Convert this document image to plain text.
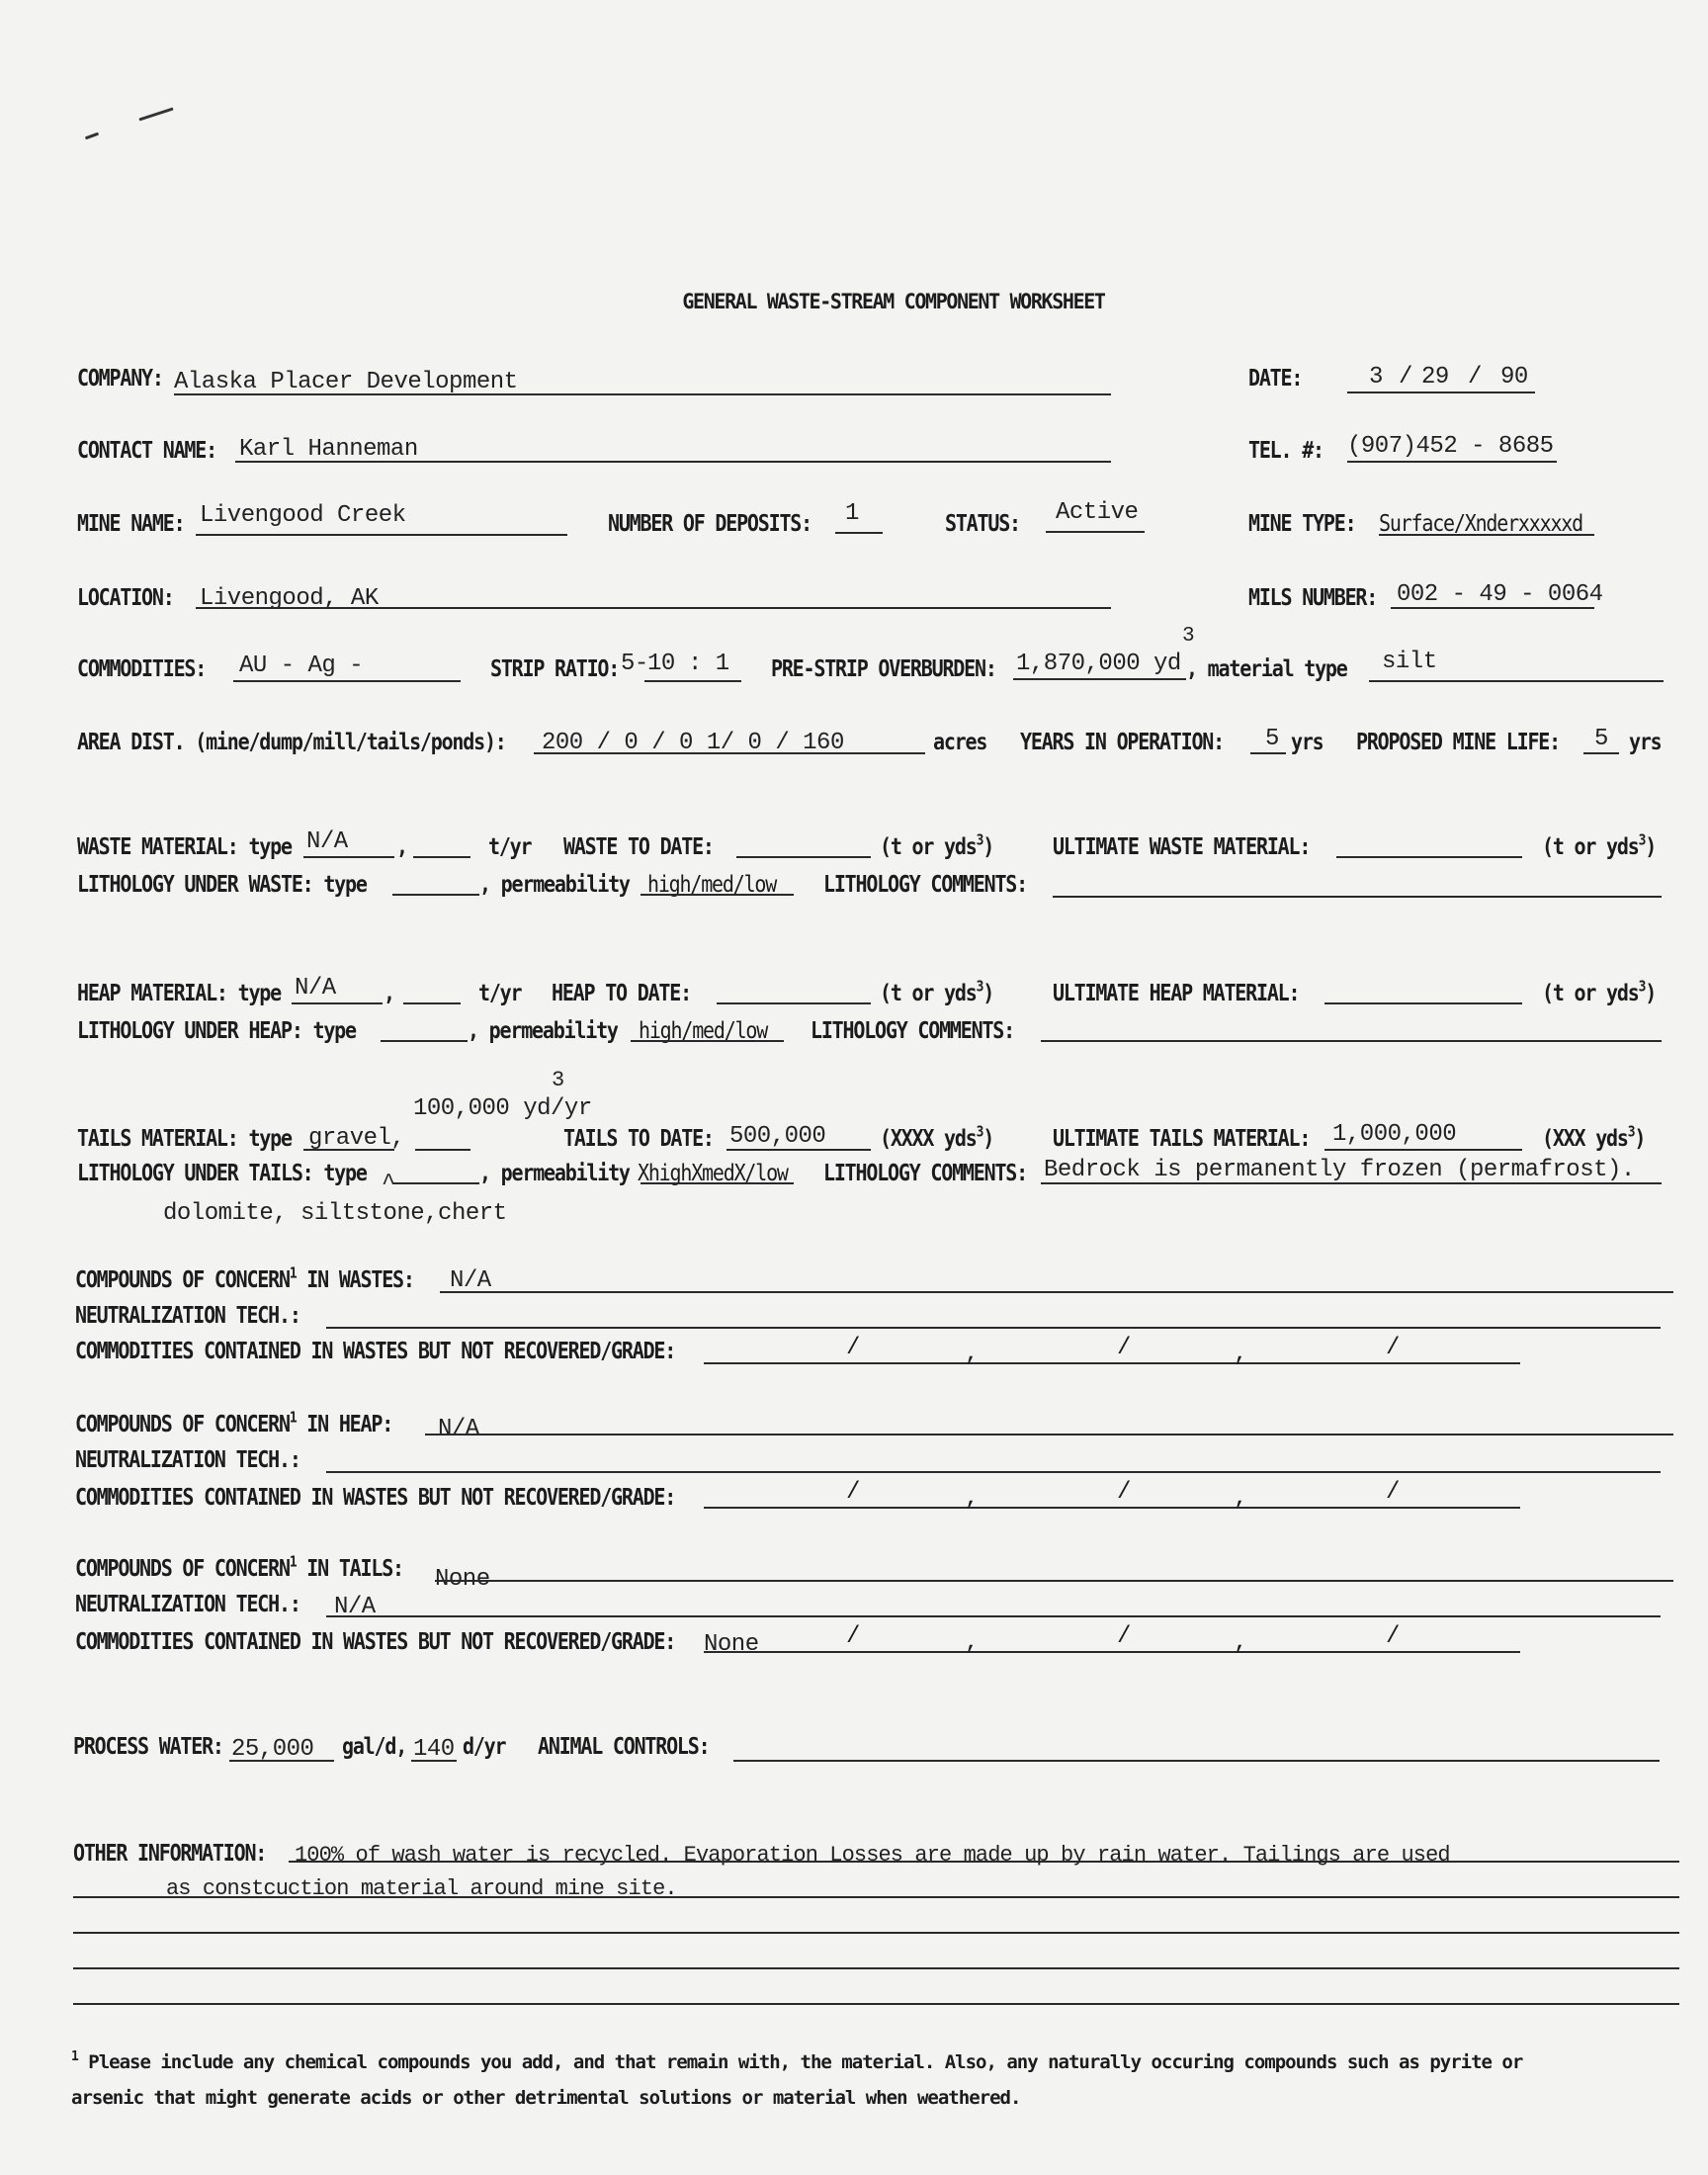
GENERAL WASTE-STREAM COMPONENT WORKSHEET
COMPANY: Alaska Placer Development	DATE:	3 / 29 / 90
CONTACT NAME: Karl Hanneman	TEL. #: (907)452 - 8685
MINE NAME: Livengood Creek	NUMBER OF DEPOSITS: 1	STATUS: Active	MINE TYPE: Surface/Xnderxxxxxd
LOCATION: Livengood, AK	MILS NUMBER: 002 - 49 - 0064
COMMODITIES: AU - Ag -	STRIP RATIO: 5- 10 : 1 PRE-STRIP OVERBURDEN: 1,870,000 yd
3
, material type silt
AREA DIST. (mine/dump/mill/tails/ponds): 200 / 0 / 0 1/ 0 / 160	acres YEARS IN OPERATION: 5 yrs PROPOSED MINE LIFE: 5 yrs
WASTE MATERIAL: type N/A ,	t/yr WASTE TO DATE:	(t or yds$^3$)	ULTIMATE WASTE MATERIAL:	(t or yds$^3$)
LITHOLOGY UNDER WASTE: type	, permeability high/med/low LITHOLOGY COMMENTS:
HEAP MATERIAL: type N/A ,	t/yr HEAP TO DATE:	(t or yds$^3$)	ULTIMATE HEAP MATERIAL:	(t or yds$^3$)
LITHOLOGY UNDER HEAP: type	, permeability high/med/low LITHOLOGY COMMENTS:
100,000 yd/yr
3
TAILS MATERIAL: type gravel,	TAILS TO DATE: 500,000	(XXXX yds$^3$)	ULTIMATE TAILS MATERIAL: 1,000,000	(XXX yds$^3$)
LITHOLOGY UNDER TAILS: type ^	, permeability XhighXmedX/low LITHOLOGY COMMENTS: Bedrock is permanently frozen (permafrost).
dolomite, siltstone,chert
COMPOUNDS OF CONCERN$^1$ IN WASTES: N/A
NEUTRALIZATION TECH.:
COMMODITIES CONTAINED IN WASTES BUT NOT RECOVERED/GRADE:	/	,	/	,	/
COMPOUNDS OF CONCERN$^1$ IN HEAP: N/A
NEUTRALIZATION TECH.:
COMMODITIES CONTAINED IN WASTES BUT NOT RECOVERED/GRADE:	/	,	/	,	/
COMPOUNDS OF CONCERN$^1$ IN TAILS: None
NEUTRALIZATION TECH.: N/A
COMMODITIES CONTAINED IN WASTES BUT NOT RECOVERED/GRADE: None	/	,	/	,	/
PROCESS WATER: 25,000 gal/d, 140 d/yr ANIMAL CONTROLS:
OTHER INFORMATION: 100% of wash water is recycled. Evaporation Losses are made up by rain water. Tailings are used
as constcuction material around mine site.
$^1$ Please include any chemical compounds you add, and that remain with, the material. Also, any naturally occuring compounds such as pyrite or
arsenic that might generate acids or other detrimental solutions or material when weathered.
